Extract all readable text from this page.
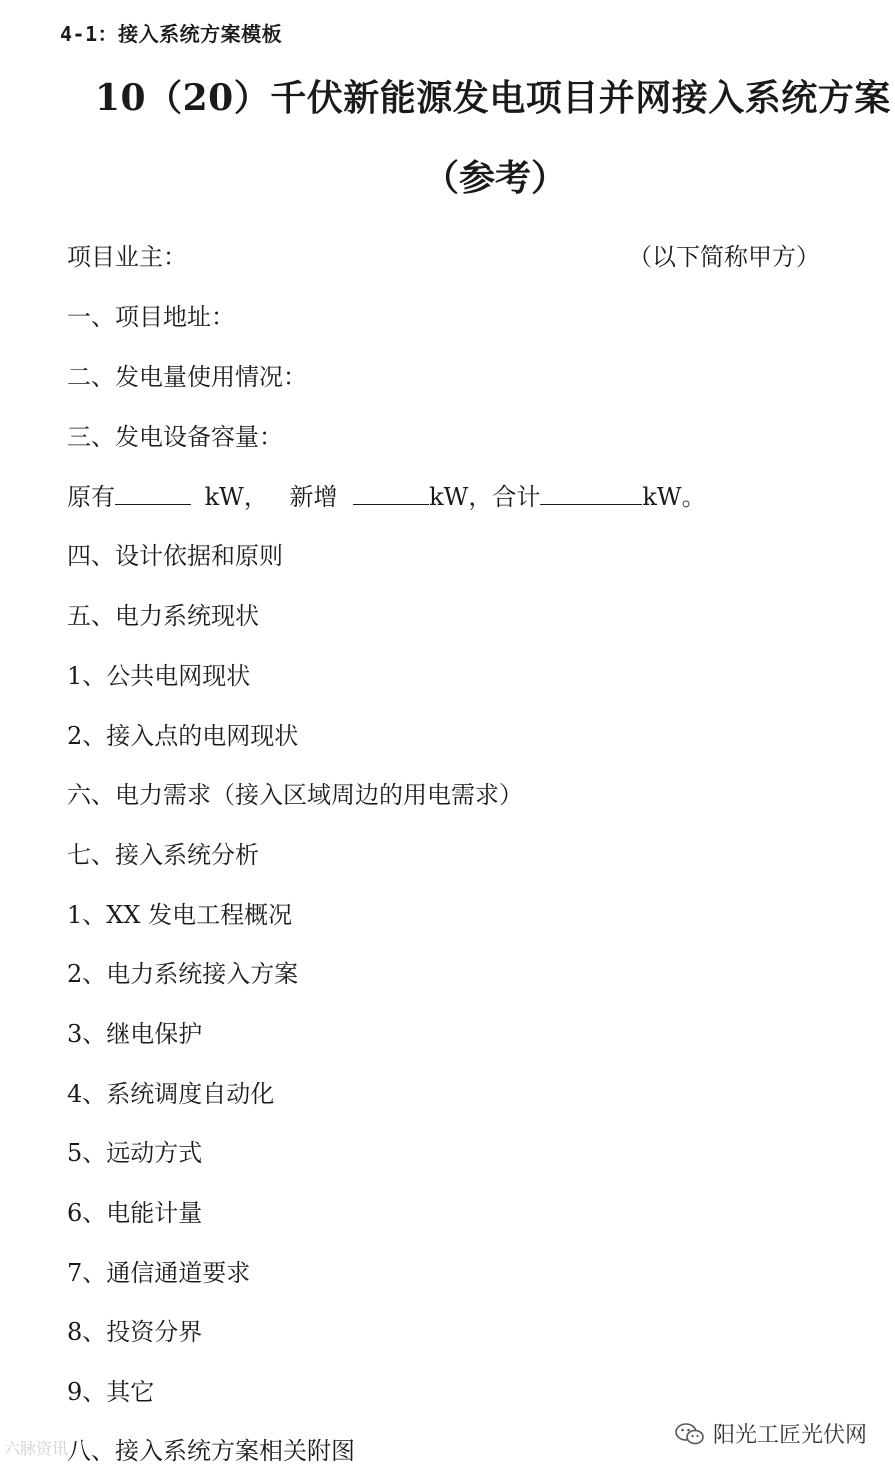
4-1：接入系统方案模板
10（20）千伏新能源发电项目并网接入系统方案
（参考）
项目业主：	（以下简称甲方）
一、项目地址：
二、发电量使用情况：
三、发电设备容量：
原有	kW， 新增	kW，合计	kW。
四、设计依据和原则
五、电力系统现状
1、公共电网现状
2、接入点的电网现状
六、电力需求（接入区域周边的用电需求）
七、接入系统分析
1、XX 发电工程概况
2、电力系统接入方案
3、继电保护
4、系统调度自动化
5、远动方式
6、电能计量
7、通信通道要求
8、投资分界
9、其它
八、接入系统方案相关附图
六脉资讯
阳光工匠光伏网
